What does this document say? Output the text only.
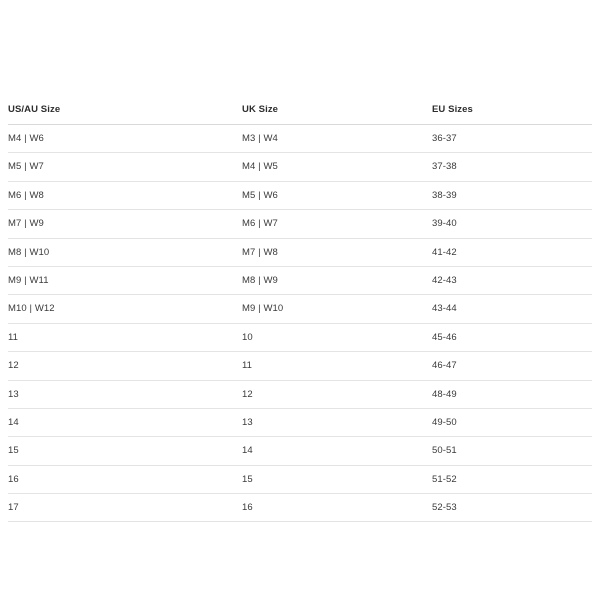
US/AU Size	UK Size	EU Sizes
M4 | W6	M3 | W4	36-37
M5 | W7	M4 | W5	37-38
M6 | W8	M5 | W6	38-39
M7 | W9	M6 | W7	39-40
M8 | W10	M7 | W8	41-42
M9 | W11	M8 | W9	42-43
M10 | W12	M9 | W10	43-44
11	10	45-46
12	11	46-47
13	12	48-49
14	13	49-50
15	14	50-51
16	15	51-52
17	16	52-53
